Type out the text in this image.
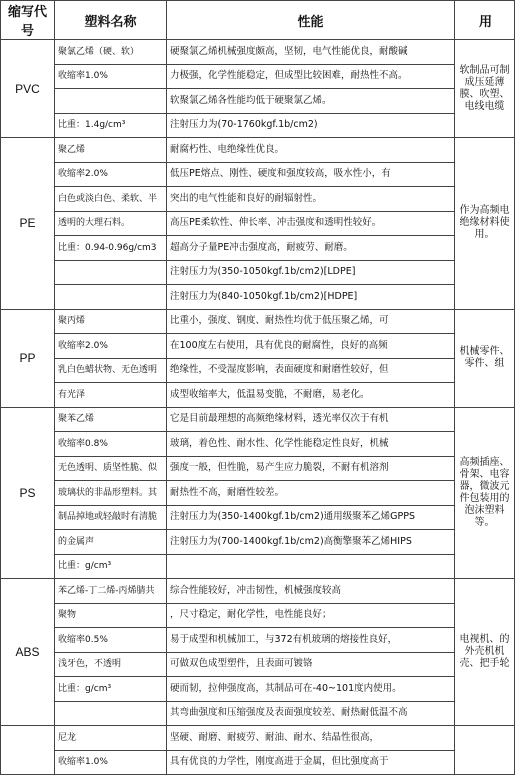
缩写代号	塑料名称	性能	用
PVC	聚氯乙烯（硬、软）	硬聚氯乙烯机械强度颇高，坚韧，电气性能优良，耐酸碱	软制品可制成压延薄膜、吹塑、电线电缆
	收缩率1.0%	力极强，化学性能稳定，但成型比较困难，耐热性不高。	
		软聚氯乙烯各性能均低于硬聚氯乙烯。	
	比重：1.4g/cm³	注射压力为(70-1760kgf.1b/cm2)	
PE	聚乙烯	耐腐朽性、电绝缘性优良。	作为高频电绝缘材料使用。
	收缩率2.0%	低压PE熔点、刚性、硬度和强度较高，吸水性小，有	
	白色或淡白色、柔软、半	突出的电气性能和良好的耐辐射性。	
	透明的大理石料。	高压PE柔软性、伸长率、冲击强度和透明性较好。	
	比重：0.94-0.96g/cm3	超高分子量PE冲击强度高，耐疲劳、耐磨。	
		注射压力为(350-1050kgf.1b/cm2)[LDPE]	
		注射压力为(840-1050kgf.1b/cm2)[HDPE]	
PP	聚丙烯	比重小，强度、钢度、耐热性均优于低压聚乙烯，可	机械零件、零件、组
	收缩率2.0%	在100度左右使用，具有优良的耐腐性，良好的高频	
	乳白色蜡状物、无色透明	绝缘性，不受湿度影响，表面硬度和耐磨性较好，但	
	有光泽	成型收缩率大，低温易变脆，不耐磨，易老化。	
PS	聚苯乙烯	它是目前最理想的高频绝缘材料，透光率仅次于有机	高频插座、骨架、电容器，微波元件包装用的泡沫塑料等。
	收缩率0.8%	玻璃，着色性、耐水性、化学性能稳定性良好，机械	
	无色透明、质坚性脆、似	强度一般，但性脆，易产生应力脆裂，不耐有机溶剂	
	玻璃状的非晶形塑料。其	耐热性不高，耐磨性较差。	
	制品掉地或轻敲时有清脆	注射压力为(350-1400kgf.1b/cm2)通用级聚苯乙烯GPPS	
	的金属声	注射压力为(700-1400kgf.1b/cm2)高衡擎聚苯乙烯HIPS	
	比重：g/cm³		
ABS	苯乙烯-丁二烯-丙烯腈共	综合性能较好，冲击韧性，机械强度较高	电视机、的外壳机机壳、把手轮
	聚物	，尺寸稳定，耐化学性，电性能良好；	
	收缩率0.5%	易于成型和机械加工，与372有机玻璃的熔接性良好，	
	浅牙色，不透明	可做双色成型塑件，且表面可镀铬	
	比重：g/cm³	硬而韧，拉伸强度高，其制品可在-40~101度内使用。	
		其弯曲强度和压缩强度及表面强度较差、耐热耐低温不高	
	尼龙	坚硬、耐磨、耐疲劳、耐油、耐水、结晶性很高，	
	收缩率1.0%	具有优良的力学性，刚度高进于金属，但比强度高于	
